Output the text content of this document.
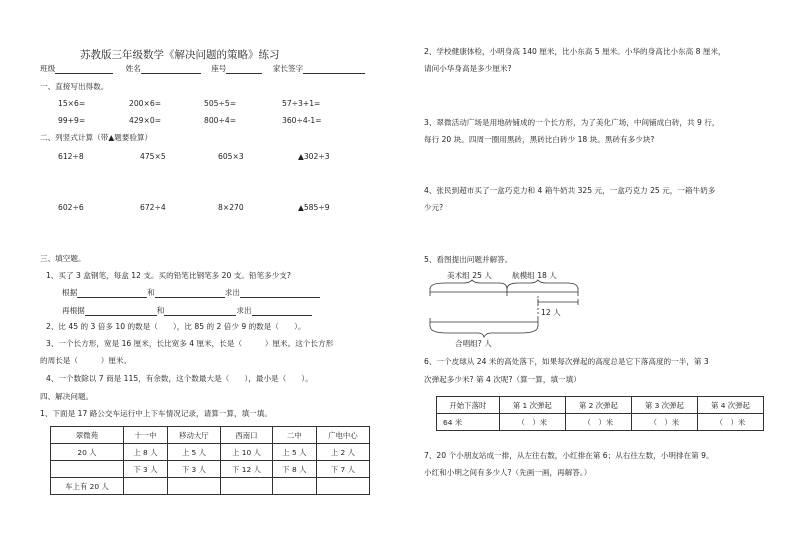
苏教版三年级数学《解决问题的策略》练习
班级	姓名	座号	家长签字
一、直接写出得数。
15×6=	200×6=	505÷5=	57÷3+1=
99+9=	429×0=	800÷4=	360÷4-1=
二、列竖式计算（带▲题要验算）
612÷8	475×5	605×3	▲302÷3
602÷6	672÷4	8×270	▲585÷9
三、填空题。
1、买了 3 盒钢笔，每盒 12 支。买的铅笔比钢笔多 20 支。铅笔多少支?
根据	和	求出
再根据	和	求出
2、比 45 的 3 倍多 10 的数是（　　），比 85 的 2 倍少 9 的数是（　　）。
3、一个长方形，宽是 16 厘米，长比宽多 4 厘米，长是（　　　）厘米。这个长方形
的周长是（　　　）厘米。
4、一个数除以 7 商是 115，有余数，这个数最大是（　　），最小是（　　）。
四、解决问题。
1、下面是 17 路公交车运行中上下车情况记录，请算一算，填一填。
翠微苑	十一中	移动大厅	西南口	二中	广电中心
20 人	上 8 人	上 5 人	上 10 人	上 5 人	上 2 人
	下 3 人	下 3 人	下 12 人	下 8 人	下 7 人
车上有 20 人					
2、学校健康体检，小明身高 140 厘米，比小东高 5 厘米。小华的身高比小东高 8 厘米，
请问小华身高是多少厘米?
3、翠微活动广场是用地砖铺成的一个长方形，为了美化广场，中间铺成白砖，共 9 行，
每行 20 块。四周一圈用黑砖，黑砖比白砖少 18 块。黑砖有多少块?
4、张民到超市买了一盒巧克力和 4 箱牛奶共 325 元，一盒巧克力 25 元，一箱牛奶多
少元?
5、看图提出问题并解答。
美术组 25 人	航模组 18 人
12 人
合唱组? 人
6、一个皮球从 24 米的高处落下，如果每次弹起的高度总是它下落高度的一半，第 3
次弹起多少米? 第 4 次呢?（算一算，填一填）
开始下落时	第 1 次弹起	第 2 次弹起	第 3 次弹起	第 4 次弹起
64 米	（　）米	（　）米	（　）米	（　）米
7、20 个小朋友站成一排，从左往右数，小红排在第 6；从右往左数，小明排在第 9。
小红和小明之间有多少人?（先画一画，再解答。）
